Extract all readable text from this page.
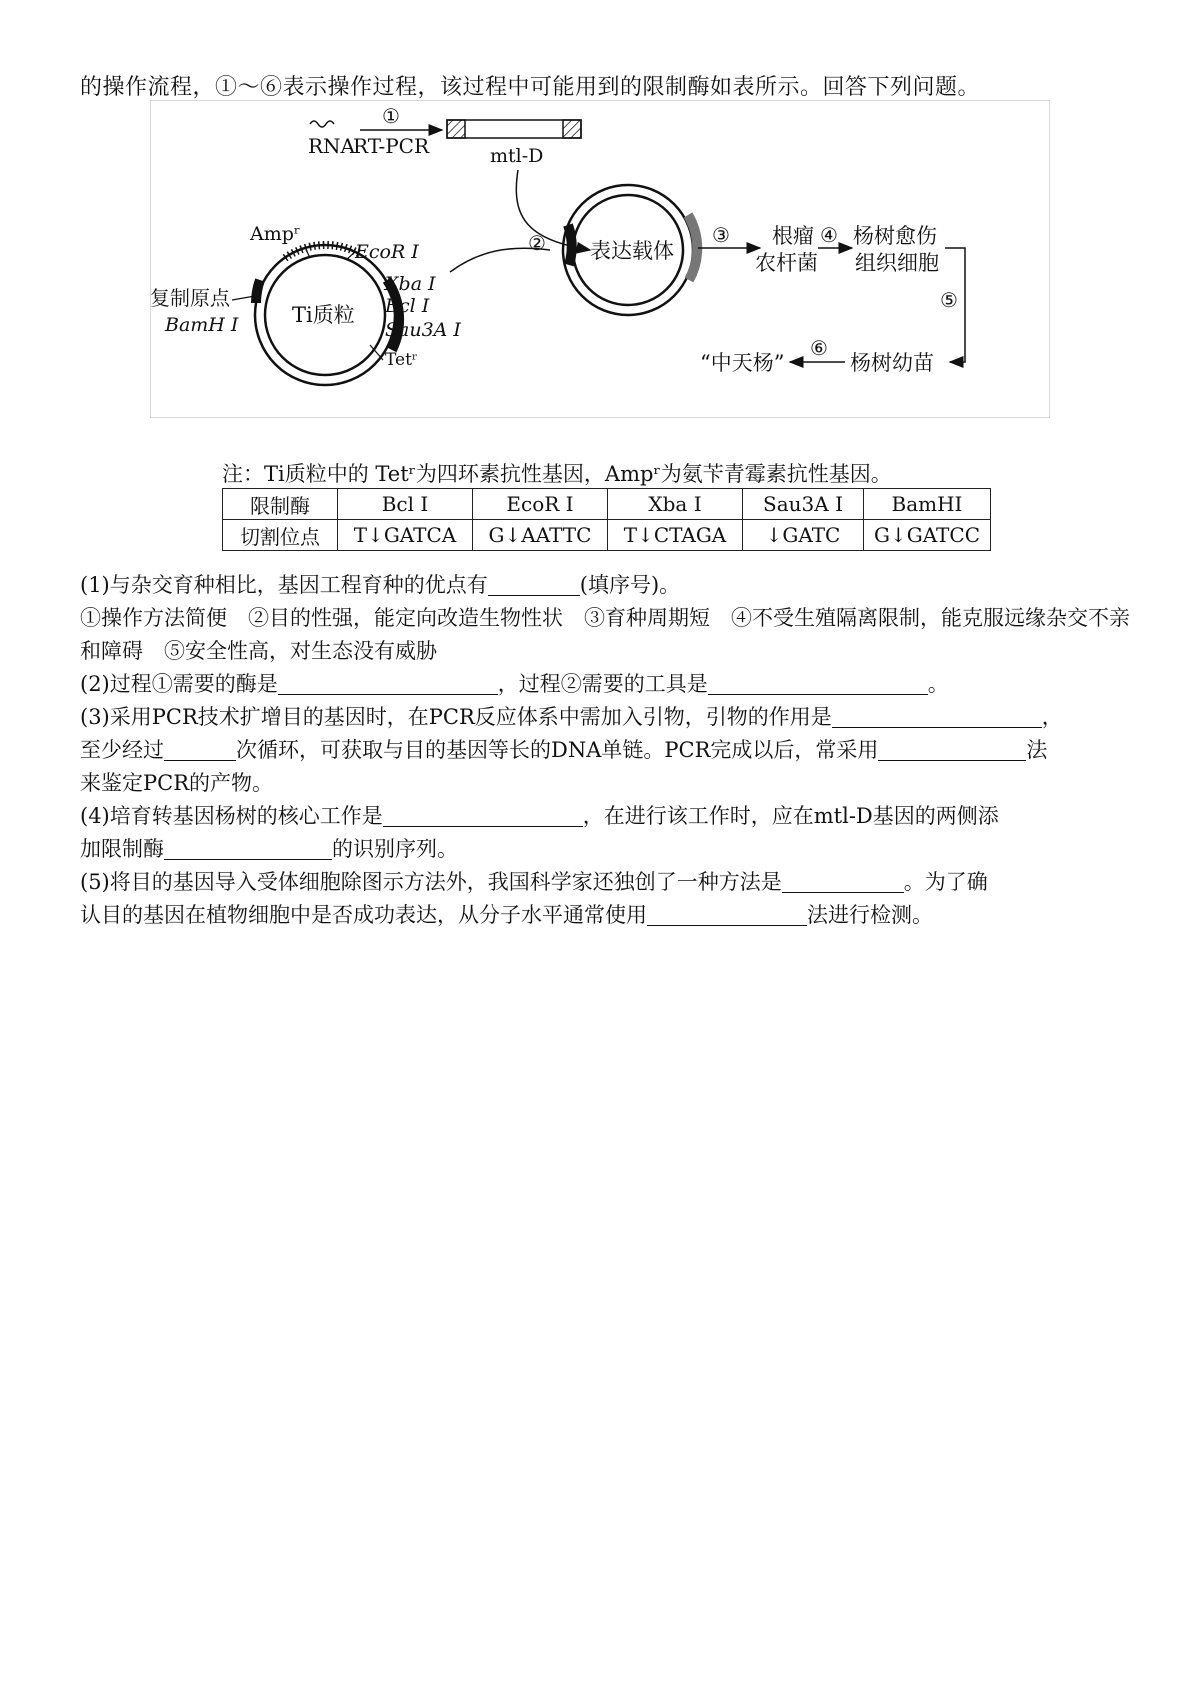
的操作流程，①～⑥表示操作过程，该过程中可能用到的限制酶如表所示。回答下列问题。
RNA
RT-PCR
①
mtl-D
②
Ti质粒
Ampʳ
EcoR Ⅰ
Xba Ⅰ
Bcl Ⅰ
Sau3A Ⅰ
Tetʳ
复制原点
BamH Ⅰ
表达载体
③ 根瘤
农杆菌
④ 杨树愈伤
组织细胞
⑤
杨树幼苗
⑥
“中天杨”
注：Ti质粒中的 Tetʳ为四环素抗性基因，Ampʳ为氨苄青霉素抗性基因。
限制酶	Bcl Ⅰ	EcoR Ⅰ	Xba Ⅰ	Sau3A Ⅰ	BamHI
切割位点	T↓GATCA	G↓AATTC	T↓CTAGA	↓GATC	G↓GATCC
(1)与杂交育种相比，基因工程育种的优点有	(填序号)。
①操作方法简便　②目的性强，能定向改造生物性状　③育种周期短　④不受生殖隔离限制，能克服远缘杂交不亲和障碍　⑤安全性高，对生态没有威胁
(2)过程①需要的酶是	，过程②需要的工具是	。
(3)采用PCR技术扩增目的基因时，在PCR反应体系中需加入引物，引物的作用是	，
至少经过	次循环，可获取与目的基因等长的DNA单链。PCR完成以后，常采用	法
来鉴定PCR的产物。
(4)培育转基因杨树的核心工作是	，在进行该工作时，应在mtl-D基因的两侧添
加限制酶	的识别序列。
(5)将目的基因导入受体细胞除图示方法外，我国科学家还独创了一种方法是	。为了确
认目的基因在植物细胞中是否成功表达，从分子水平通常使用	法进行检测。
